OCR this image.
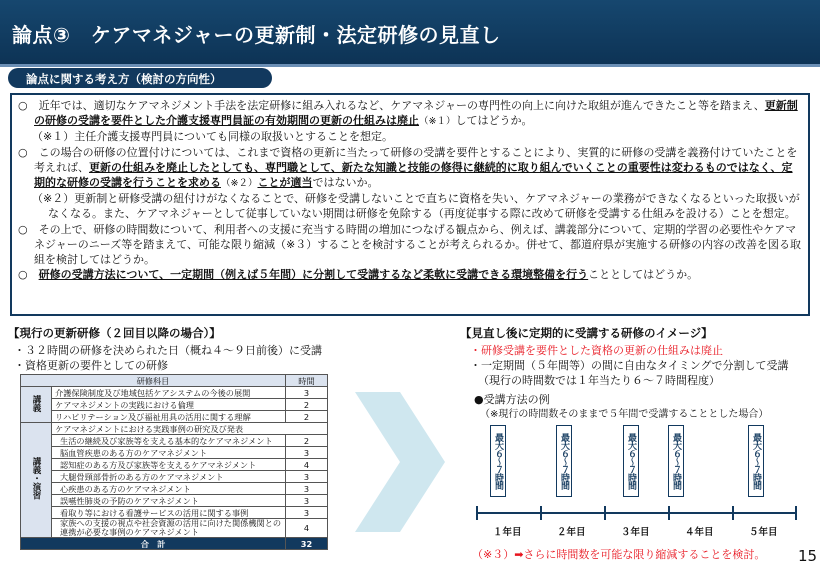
論点③　ケアマネジャーの更新制・法定研修の見直し
論点に関する考え方（検討の方向性）

○　近年では、適切なケアマネジメント手法を法定研修に組み入れるなど、ケアマネジャーの専門性の向上に向けた取組が進んできたこと等を踏まえ、更新制の研修の受講を要件とした介護支援専門員証の有効期間の更新の仕組みは廃止（※１）してはどうか。

（※１）主任介護支援専門員についても同様の取扱いとすることを想定。

○　この場合の研修の位置付けについては、これまで資格の更新に当たって研修の受講を要件とすることにより、実質的に研修の受講を義務付けていたことを考えれば、更新の仕組みを廃止したとしても、専門職として、新たな知識と技能の修得に継続的に取り組んでいくことの重要性は変わるものではなく、定期的な研修の受講を行うことを求める（※２）ことが適当ではないか。

（※２）更新制と研修受講の紐付けがなくなることで、研修を受講しないことで直ちに資格を失い、ケアマネジャーの業務ができなくなるといった取扱いがなくなる。また、ケアマネジャーとして従事していない期間は研修を免除する（再度従事する際に改めて研修を受講する仕組みを設ける）ことを想定。

○　その上で、研修の時間数について、利用者への支援に充当する時間の増加につなげる観点から、例えば、講義部分について、定期的学習の必要性やケアマネジャーのニーズ等を踏まえて、可能な限り縮減（※３）することを検討することが考えられるか。併せて、都道府県が実施する研修の内容の改善を図る取組を検討してはどうか。

○　研修の受講方法について、一定期間（例えば５年間）に分割して受講するなど柔軟に受講できる環境整備を行うこととしてはどうか。

【現行の更新研修（２回目以降の場合）】
・３２時間の研修を決められた日（概ね４～９日前後）に受講
・資格更新の要件としての研修
研修科目		時間
講義	介護保険制度及び地域包括ケアシステムの今後の展開	3
	ケアマネジメントの実践における倫理	2
	リハビリテーション及び福祉用具の活用に関する理解	2
講義・演習	ケアマネジメントにおける実践事例の研究及び発表	
	生活の継続及び家族等を支える基本的なケアマネジメント	2
	脳血管疾患のある方のケアマネジメント	3
	認知症のある方及び家族等を支えるケアマネジメント	4
	大腿骨頸部骨折のある方のケアマネジメント	3
	心疾患のある方のケアマネジメント	3
	誤嚥性肺炎の予防のケアマネジメント	3
	看取り等における看護サービスの活用に関する事例	3
	家族への支援の視点や社会資源の活用に向けた関係機関との連携が必要な事例のケアマネジメント	4
合　計		32
【見直し後に定期的に受講する研修のイメージ】
・研修受講を要件とした資格の更新の仕組みは廃止
・一定期間（５年間等）の間に自由なタイミングで分割して受講
（現行の時間数では１年当たり６～７時間程度）
●受講方法の例
（※現行の時間数そのままで５年間で受講することとした場合）
最大６〜７時間	最大６〜７時間	最大６〜７時間	最大６〜７時間	最大６〜７時間
１年目	２年目	３年目	４年目	５年目
（※３）➡さらに時間数を可能な限り縮減することを検討。 15
